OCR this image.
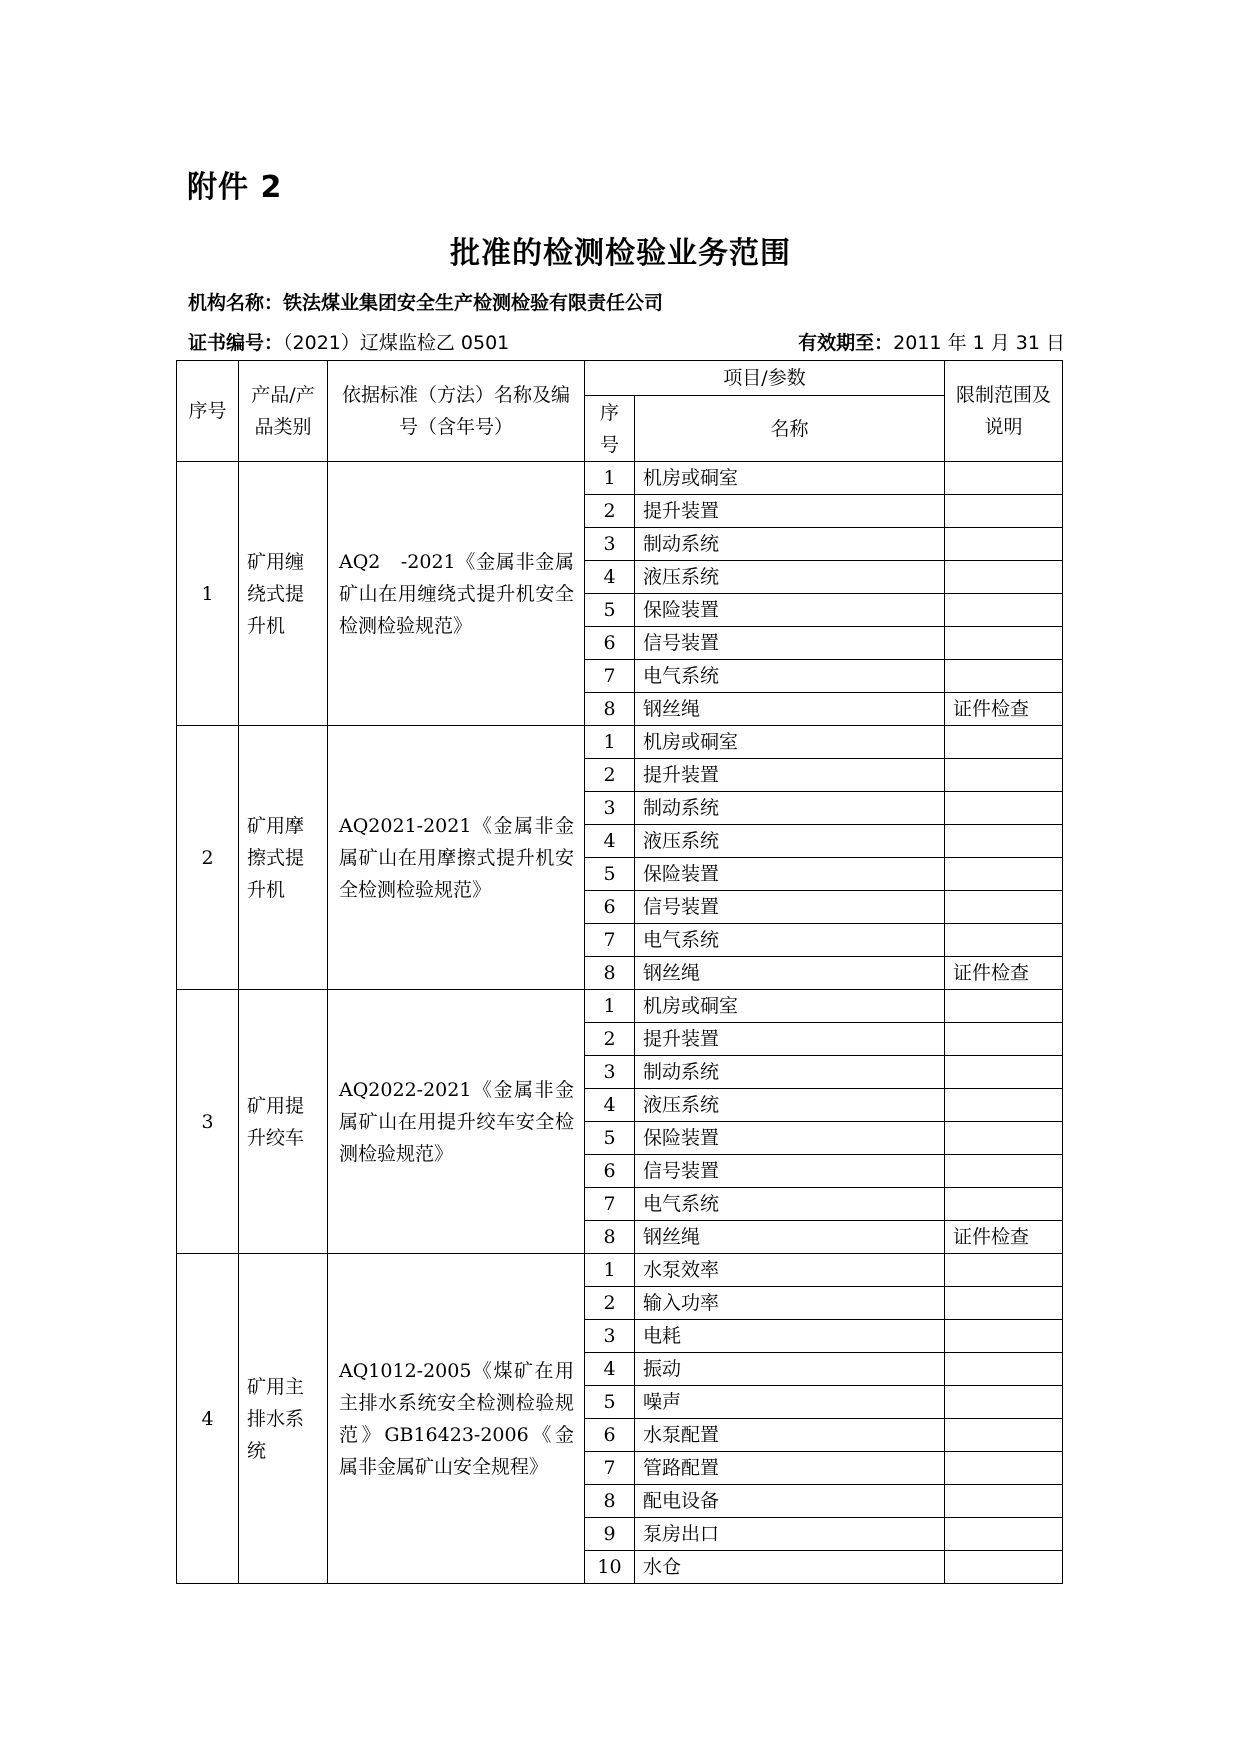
附件 2
批准的检测检验业务范围
机构名称：铁法煤业集团安全生产检测检验有限责任公司
证书编号：（2021）辽煤监检乙 0501	有效期至：2011 年 1 月 31 日
序号	产品/产品类别	依据标准（方法）名称及编号（含年号）	项目/参数		限制范围及说明
			序号	名称	
1	矿用缠绕式提升机	AQ2　-2021《金属非金属矿山在用缠绕式提升机安全检测检验规范》	1	机房或硐室	
			2	提升装置	
			3	制动系统	
			4	液压系统	
			5	保险装置	
			6	信号装置	
			7	电气系统	
			8	钢丝绳	证件检查
2	矿用摩擦式提升机	AQ2021-2021《金属非金属矿山在用摩擦式提升机安全检测检验规范》	1	机房或硐室	
			2	提升装置	
			3	制动系统	
			4	液压系统	
			5	保险装置	
			6	信号装置	
			7	电气系统	
			8	钢丝绳	证件检查
3	矿用提升绞车	AQ2022-2021《金属非金属矿山在用提升绞车安全检测检验规范》	1	机房或硐室	
			2	提升装置	
			3	制动系统	
			4	液压系统	
			5	保险装置	
			6	信号装置	
			7	电气系统	
			8	钢丝绳	证件检查
4	矿用主排水系统	AQ1012-2005《煤矿在用主排水系统安全检测检验规范》GB16423-2006《金属非金属矿山安全规程》	1	水泵效率	
			2	输入功率	
			3	电耗	
			4	振动	
			5	噪声	
			6	水泵配置	
			7	管路配置	
			8	配电设备	
			9	泵房出口	
			10	水仓	
